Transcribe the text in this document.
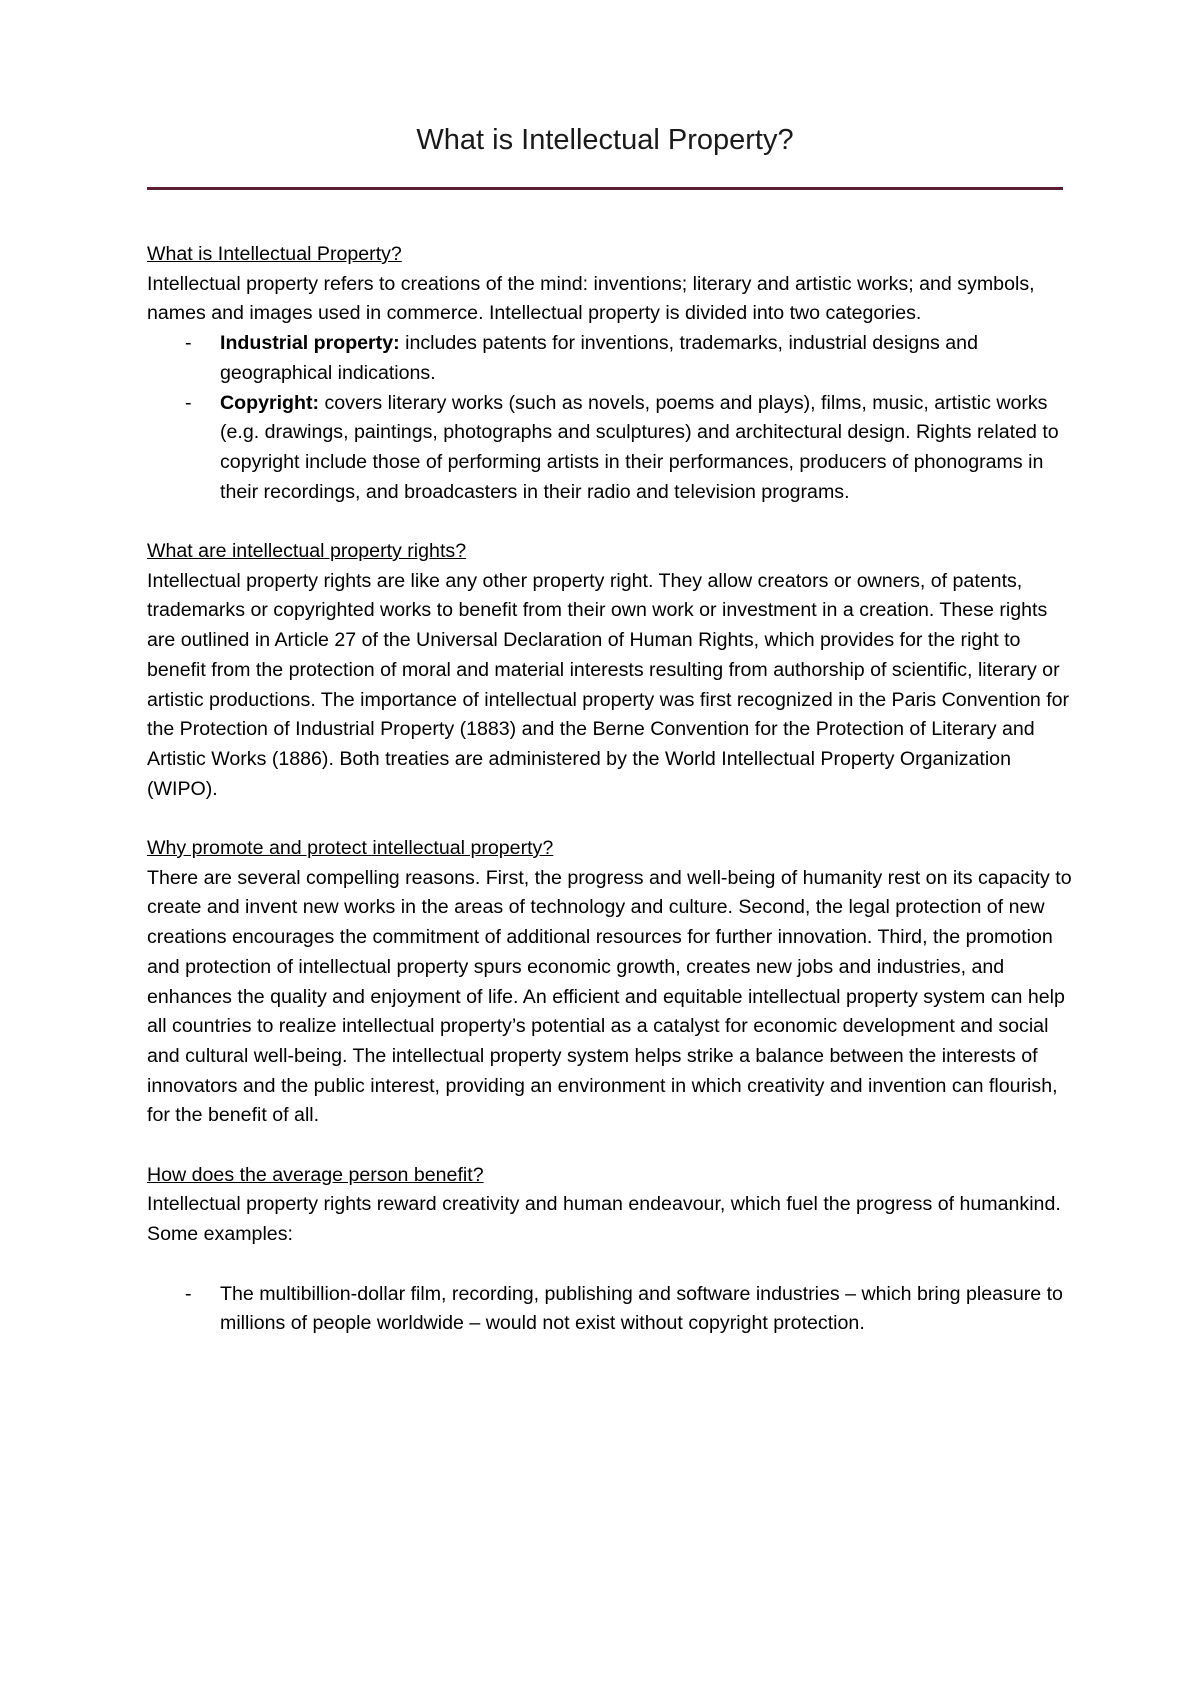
What is Intellectual Property?

What is Intellectual Property?

Intellectual property refers to creations of the mind: inventions; literary and artistic works; and symbols, names and images used in commerce. Intellectual property is divided into two categories.

- Industrial property: includes patents for inventions, trademarks, industrial designs and geographical indications.
- Copyright: covers literary works (such as novels, poems and plays), films, music, artistic works (e.g. drawings, paintings, photographs and sculptures) and architectural design. Rights related to copyright include those of performing artists in their performances, producers of phonograms in their recordings, and broadcasters in their radio and television programs.

What are intellectual property rights?

Intellectual property rights are like any other property right. They allow creators or owners, of patents, trademarks or copyrighted works to benefit from their own work or investment in a creation. These rights are outlined in Article 27 of the Universal Declaration of Human Rights, which provides for the right to benefit from the protection of moral and material interests resulting from authorship of scientific, literary or artistic productions. The importance of intellectual property was first recognized in the Paris Convention for the Protection of Industrial Property (1883) and the Berne Convention for the Protection of Literary and Artistic Works (1886). Both treaties are administered by the World Intellectual Property Organization (WIPO).

Why promote and protect intellectual property?

There are several compelling reasons. First, the progress and well-being of humanity rest on its capacity to create and invent new works in the areas of technology and culture. Second, the legal protection of new creations encourages the commitment of additional resources for further innovation. Third, the promotion and protection of intellectual property spurs economic growth, creates new jobs and industries, and enhances the quality and enjoyment of life. An efficient and equitable intellectual property system can help all countries to realize intellectual property’s potential as a catalyst for economic development and social and cultural well-being. The intellectual property system helps strike a balance between the interests of innovators and the public interest, providing an environment in which creativity and invention can flourish, for the benefit of all.

How does the average person benefit?

Intellectual property rights reward creativity and human endeavour, which fuel the progress of humankind. Some examples:

- The multibillion-dollar film, recording, publishing and software industries – which bring pleasure to millions of people worldwide – would not exist without copyright protection.
